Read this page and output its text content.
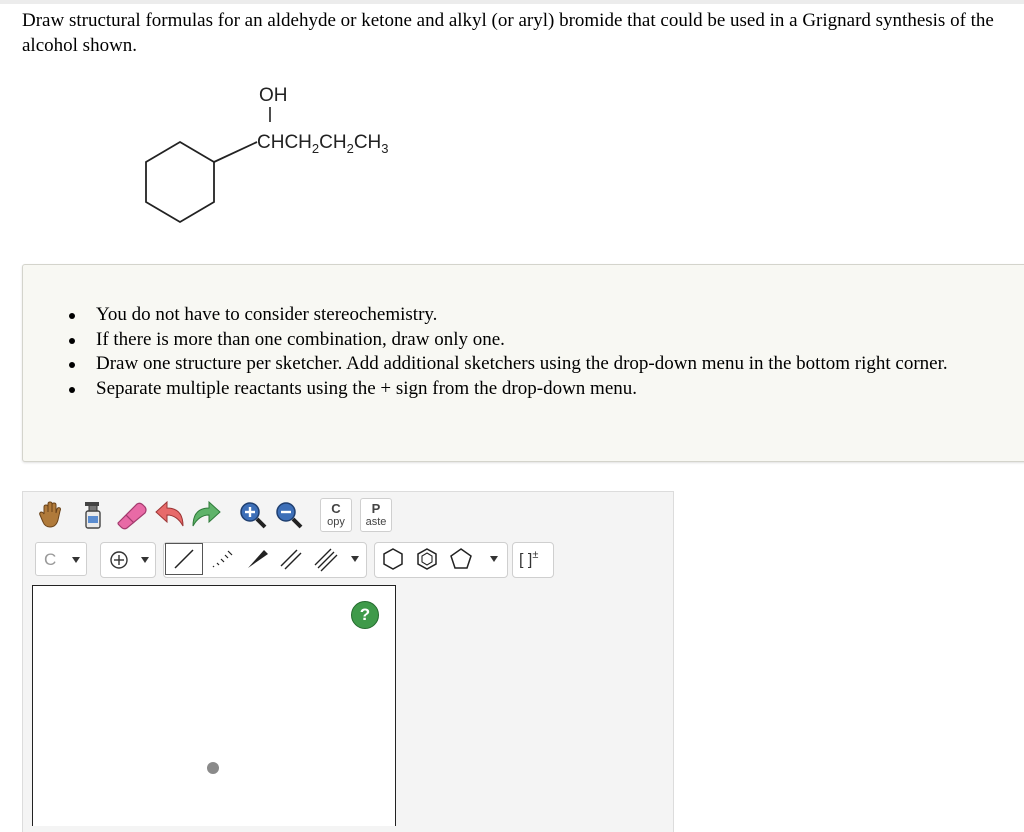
Draw structural formulas for an aldehyde or ketone and alkyl (or aryl) bromide that could be used in a Grignard synthesis of the alcohol shown.
OH
$CHCH_2CH_2CH_3$
You do not have to consider stereochemistry.
If there is more than one combination, draw only one.
Draw one structure per sketcher. Add additional sketchers using the drop-down menu in the bottom right corner.
Separate multiple reactants using the + sign from the drop-down menu.
C
opy
P
aste
C	[ ]±
?
